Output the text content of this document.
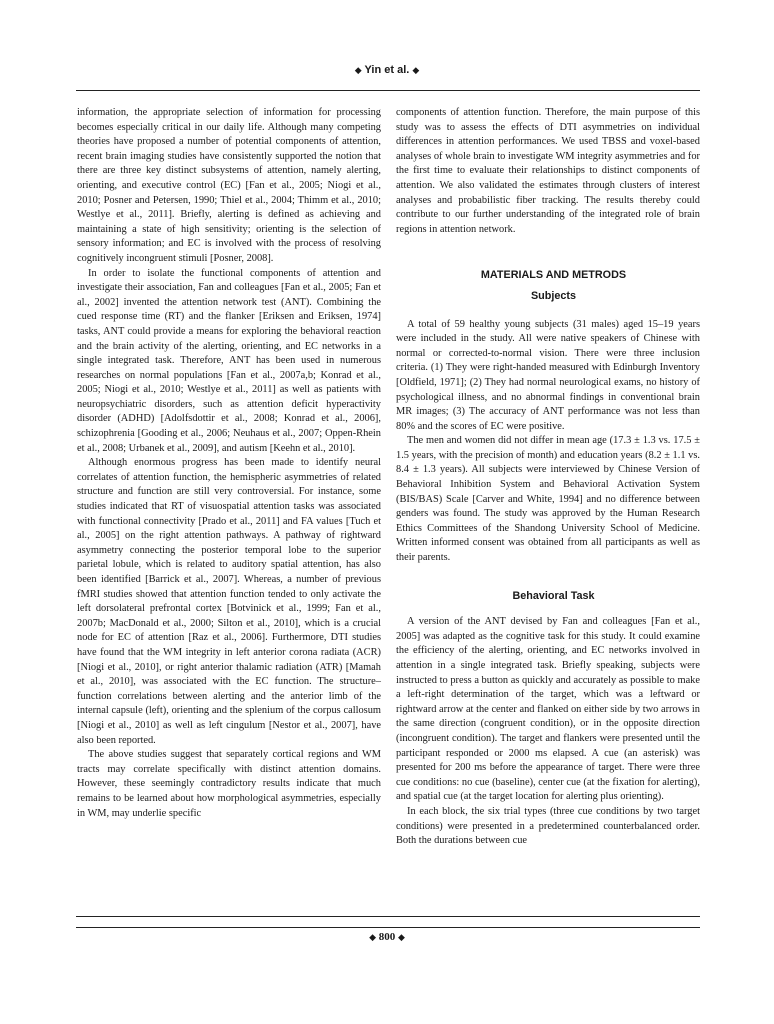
◆ Yin et al. ◆

information, the appropriate selection of information for processing becomes especially critical in our daily life. Although many competing theories have proposed a number of potential components of attention, recent brain imaging studies have consistently supported the notion that there are three key distinct subsystems of attention, namely alerting, orienting, and executive control (EC) [Fan et al., 2005; Niogi et al., 2010; Posner and Petersen, 1990; Thiel et al., 2004; Thimm et al., 2010; Westlye et al., 2011]. Briefly, alerting is defined as achieving and maintaining a state of high sensitivity; orienting is the selection of sensory information; and EC is involved with the process of resolving cognitively incongruent stimuli [Posner, 2008].

In order to isolate the functional components of attention and investigate their association, Fan and colleagues [Fan et al., 2005; Fan et al., 2002] invented the attention network test (ANT). Combining the cued response time (RT) and the flanker [Eriksen and Eriksen, 1974] tasks, ANT could provide a means for exploring the behavioral reaction and the brain activity of the alerting, orienting, and EC networks in a single integrated task. Therefore, ANT has been used in numerous researches on normal populations [Fan et al., 2007a,b; Konrad et al., 2005; Niogi et al., 2010; Westlye et al., 2011] as well as patients with neuropsychiatric disorders, such as attention deficit hyperactivity disorder (ADHD) [Adolfsdottir et al., 2008; Konrad et al., 2006], schizophrenia [Gooding et al., 2006; Neuhaus et al., 2007; Oppen-Rhein et al., 2008; Urbanek et al., 2009], and autism [Keehn et al., 2010].

Although enormous progress has been made to identify neural correlates of attention function, the hemispheric asymmetries of related structure and function are still very controversial. For instance, some studies indicated that RT of visuospatial attention tasks was associated with functional connectivity [Prado et al., 2011] and FA values [Tuch et al., 2005] on the right attention pathways. A pathway of rightward asymmetry connecting the posterior temporal lobe to the superior parietal lobule, which is related to auditory spatial attention, has also been identified [Barrick et al., 2007]. Whereas, a number of previous fMRI studies showed that attention function tended to only activate the left dorsolateral prefrontal cortex [Botvinick et al., 1999; Fan et al., 2007b; MacDonald et al., 2000; Silton et al., 2010], which is a crucial node for EC of attention [Raz et al., 2006]. Furthermore, DTI studies have found that the WM integrity in left anterior corona radiata (ACR) [Niogi et al., 2010], or right anterior thalamic radiation (ATR) [Mamah et al., 2010], was associated with the EC function. The structure–function correlations between alerting and the anterior limb of the internal capsule (left), orienting and the splenium of the corpus callosum [Niogi et al., 2010] as well as left cingulum [Nestor et al., 2007], have also been reported.

The above studies suggest that separately cortical regions and WM tracts may correlate specifically with distinct attention domains. However, these seemingly contradictory results indicate that much remains to be learned about how morphological asymmetries, especially in WM, may underlie specific

components of attention function. Therefore, the main purpose of this study was to assess the effects of DTI asymmetries on individual differences in attention performances. We used TBSS and voxel-based analyses of whole brain to investigate WM integrity asymmetries and for the first time to evaluate their relationships to distinct components of attention. We also validated the estimates through clusters of interest analyses and probabilistic fiber tracking. The results thereby could contribute to our further understanding of the integrated role of brain regions in attention network.

MATERIALS AND METRODS

Subjects

A total of 59 healthy young subjects (31 males) aged 15–19 years were included in the study. All were native speakers of Chinese with normal or corrected-to-normal vision. There were three inclusion criteria. (1) They were right-handed measured with Edinburgh Inventory [Oldfield, 1971]; (2) They had normal neurological exams, no history of psychological illness, and no abnormal findings in conventional brain MR images; (3) The accuracy of ANT performance was not less than 80% and the scores of EC were positive.

The men and women did not differ in mean age (17.3 ± 1.3 vs. 17.5 ± 1.5 years, with the precision of month) and education years (8.2 ± 1.1 vs. 8.4 ± 1.3 years). All subjects were interviewed by Chinese Version of Behavioral Inhibition System and Behavioral Activation System (BIS/BAS) Scale [Carver and White, 1994] and no difference between genders was found. The study was approved by the Human Research Ethics Committees of the Shandong University School of Medicine. Written informed consent was obtained from all participants as well as their parents.

Behavioral Task

A version of the ANT devised by Fan and colleagues [Fan et al., 2005] was adapted as the cognitive task for this study. It could examine the efficiency of the alerting, orienting, and EC networks involved in attention in a single integrated task. Briefly speaking, subjects were instructed to press a button as quickly and accurately as possible to make a left-right determination of the target, which was a leftward or rightward arrow at the center and flanked on either side by two arrows in the same direction (congruent condition), or in the opposite direction (incongruent condition). The target and flankers were presented until the participant responded or 2000 ms elapsed. A cue (an asterisk) was presented for 200 ms before the appearance of target. There were three cue conditions: no cue (baseline), center cue (at the fixation for alerting), and spatial cue (at the target location for alerting plus orienting).

In each block, the six trial types (three cue conditions by two target conditions) were presented in a predetermined counterbalanced order. Both the durations between cue

◆ 800 ◆
